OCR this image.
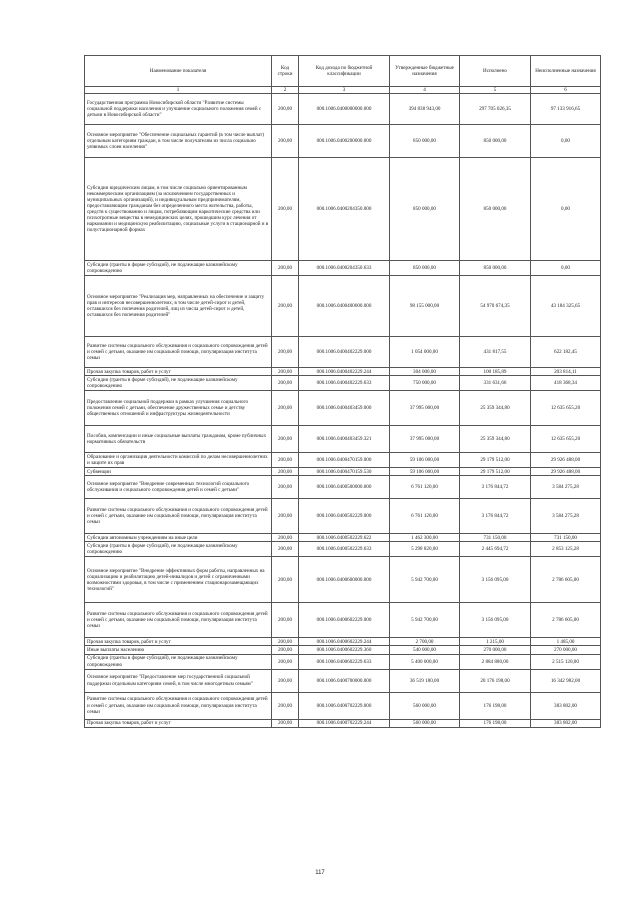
Наименование показателя	Код строки	Код дохода по бюджетной классификации	Утвержденные бюджетные назначения	Исполнено	Неисполненные назначения
1	2	3	4	5	6
Государственная программа Новосибирской области "Развитие системы социальной поддержки населения и улучшение социального положения семей с детьми в Новосибирской области"	200,00	000.1006.0400000000.000	394 838 943,00	297 705 026,35	97 133 916,65
Основное мероприятие "Обеспечение социальных гарантий (в том числе выплат) отдельным категориям граждан, в том числе получателям из числа социально уязвимых слоев населения"	200,00	000.1006.0400200000.000	850 000,00	850 000,00	0,00
Субсидии юридическим лицам, в том числе социально ориентированным некоммерческим организациям (за исключением государственных и муниципальных организаций), и индивидуальным предпринимателям, предоставляющим гражданам без определенного места жительства, работы, средств к существованию и лицам, потребляющим наркотические средства или психотропные вещества в немедицинских целях, прошедшим курс лечения от наркомании и медицинскую реабилитацию, социальные услуги в стационарной и в полустационарной формах	200,00	000.1006.0400204350.000	850 000,00	850 000,00	0,00
Субсидии (гранты в форме субсидий), не подлежащие казначейскому сопровождению	200,00	000.1006.0400204350.633	850 000,00	850 000,00	0,00
Основное мероприятие "Реализация мер, направленных на обеспечение и защиту прав и интересов несовершеннолетних, в том числе детей-сирот и детей, оставшихся без попечения родителей, лиц из числа детей-сирот и детей, оставшихся без попечения родителей"	200,00	000.1006.0400400000.000	98 155 000,00	54 970 674,35	43 184 325,65
Развитие системы социального обслуживания и социального сопровождения детей и семей с детьми, оказание им социальной помощи, популяризация института семьи	200,00	000.1006.0400402229.000	1 054 000,00	431 817,55	622 182,45
Прочая закупка товаров, работ и услуг	200,00	000.1006.0400402229.244	304 000,00	100 185,89	203 814,11
Субсидии (гранты в форме субсидий), не подлежащие казначейскому сопровождению	200,00	000.1006.0400402229.633	750 000,00	331 631,66	418 368,34
Предоставление социальной поддержки в рамках улучшения социального положения семей с детьми, обеспечение дружественных семье и детству общественных отношений и инфраструктуры жизнедеятельности	200,00	000.1006.0400403459.000	37 995 000,00	25 359 344,80	12 635 655,20
Пособия, компенсации и иные социальные выплаты гражданам, кроме публичных нормативных обязательств	200,00	000.1006.0400403459.321	37 995 000,00	25 359 344,80	12 635 655,20
Образование и организация деятельности комиссий по делам несовершеннолетних и защите их прав	200,00	000.1006.0400470159.000	59 106 000,00	29 179 512,00	29 926 488,00
Субвенции	200,00	000.1006.0400470159.530	59 106 000,00	29 179 512,00	29 926 488,00
Основное мероприятие "Внедрение современных технологий социального обслуживания и социального сопровождения детей и семей с детьми"	200,00	000.1006.0400500000.000	6 761 120,00	3 176 844,72	3 584 275,28
Развитие системы социального обслуживания и социального сопровождения детей и семей с детьми, оказание им социальной помощи, популяризация института семьи	200,00	000.1006.0400502229.000	6 761 120,00	3 176 844,72	3 584 275,28
Субсидии автономным учреждениям на иные цели	200,00	000.1006.0400502229.622	1 462 300,00	731 150,00	731 150,00
Субсидии (гранты в форме субсидий), не подлежащие казначейскому сопровождению	200,00	000.1006.0400502229.633	5 298 820,00	2 445 694,72	2 853 125,28
Основное мероприятие "Внедрение эффективных форм работы, направленных на социализацию и реабилитацию детей-инвалидов и детей с ограниченными возможностями здоровья, в том числе с применением стационарозамещающих технологий"	200,00	000.1006.0400600000.000	5 942 700,00	3 156 095,00	2 786 605,00
Развитие системы социального обслуживания и социального сопровождения детей и семей с детьми, оказание им социальной помощи, популяризация института семьи	200,00	000.1006.0400602229.000	5 942 700,00	3 156 095,00	2 786 605,00
Прочая закупка товаров, работ и услуг	200,00	000.1006.0400602229.244	2 700,00	1 215,00	1 485,00
Иные выплаты населению	200,00	000.1006.0400602229.360	540 000,00	270 000,00	270 000,00
Субсидии (гранты в форме субсидий), не подлежащие казначейскому сопровождению	200,00	000.1006.0400602229.633	5 400 000,00	2 884 880,00	2 515 120,00
Основное мероприятие "Предоставление мер государственной социальной поддержки отдельным категориям семей, в том числе многодетным семьям"	200,00	000.1006.0400700000.000	36 519 180,00	20 176 198,00	16 342 982,00
Развитие системы социального обслуживания и социального сопровождения детей и семей с детьми, оказание им социальной помощи, популяризация института семьи	200,00	000.1006.0400702229.000	560 000,00	176 198,00	383 802,00
Прочая закупка товаров, работ и услуг	200,00	000.1006.0400702229.244	560 000,00	176 198,00	383 802,00
117
